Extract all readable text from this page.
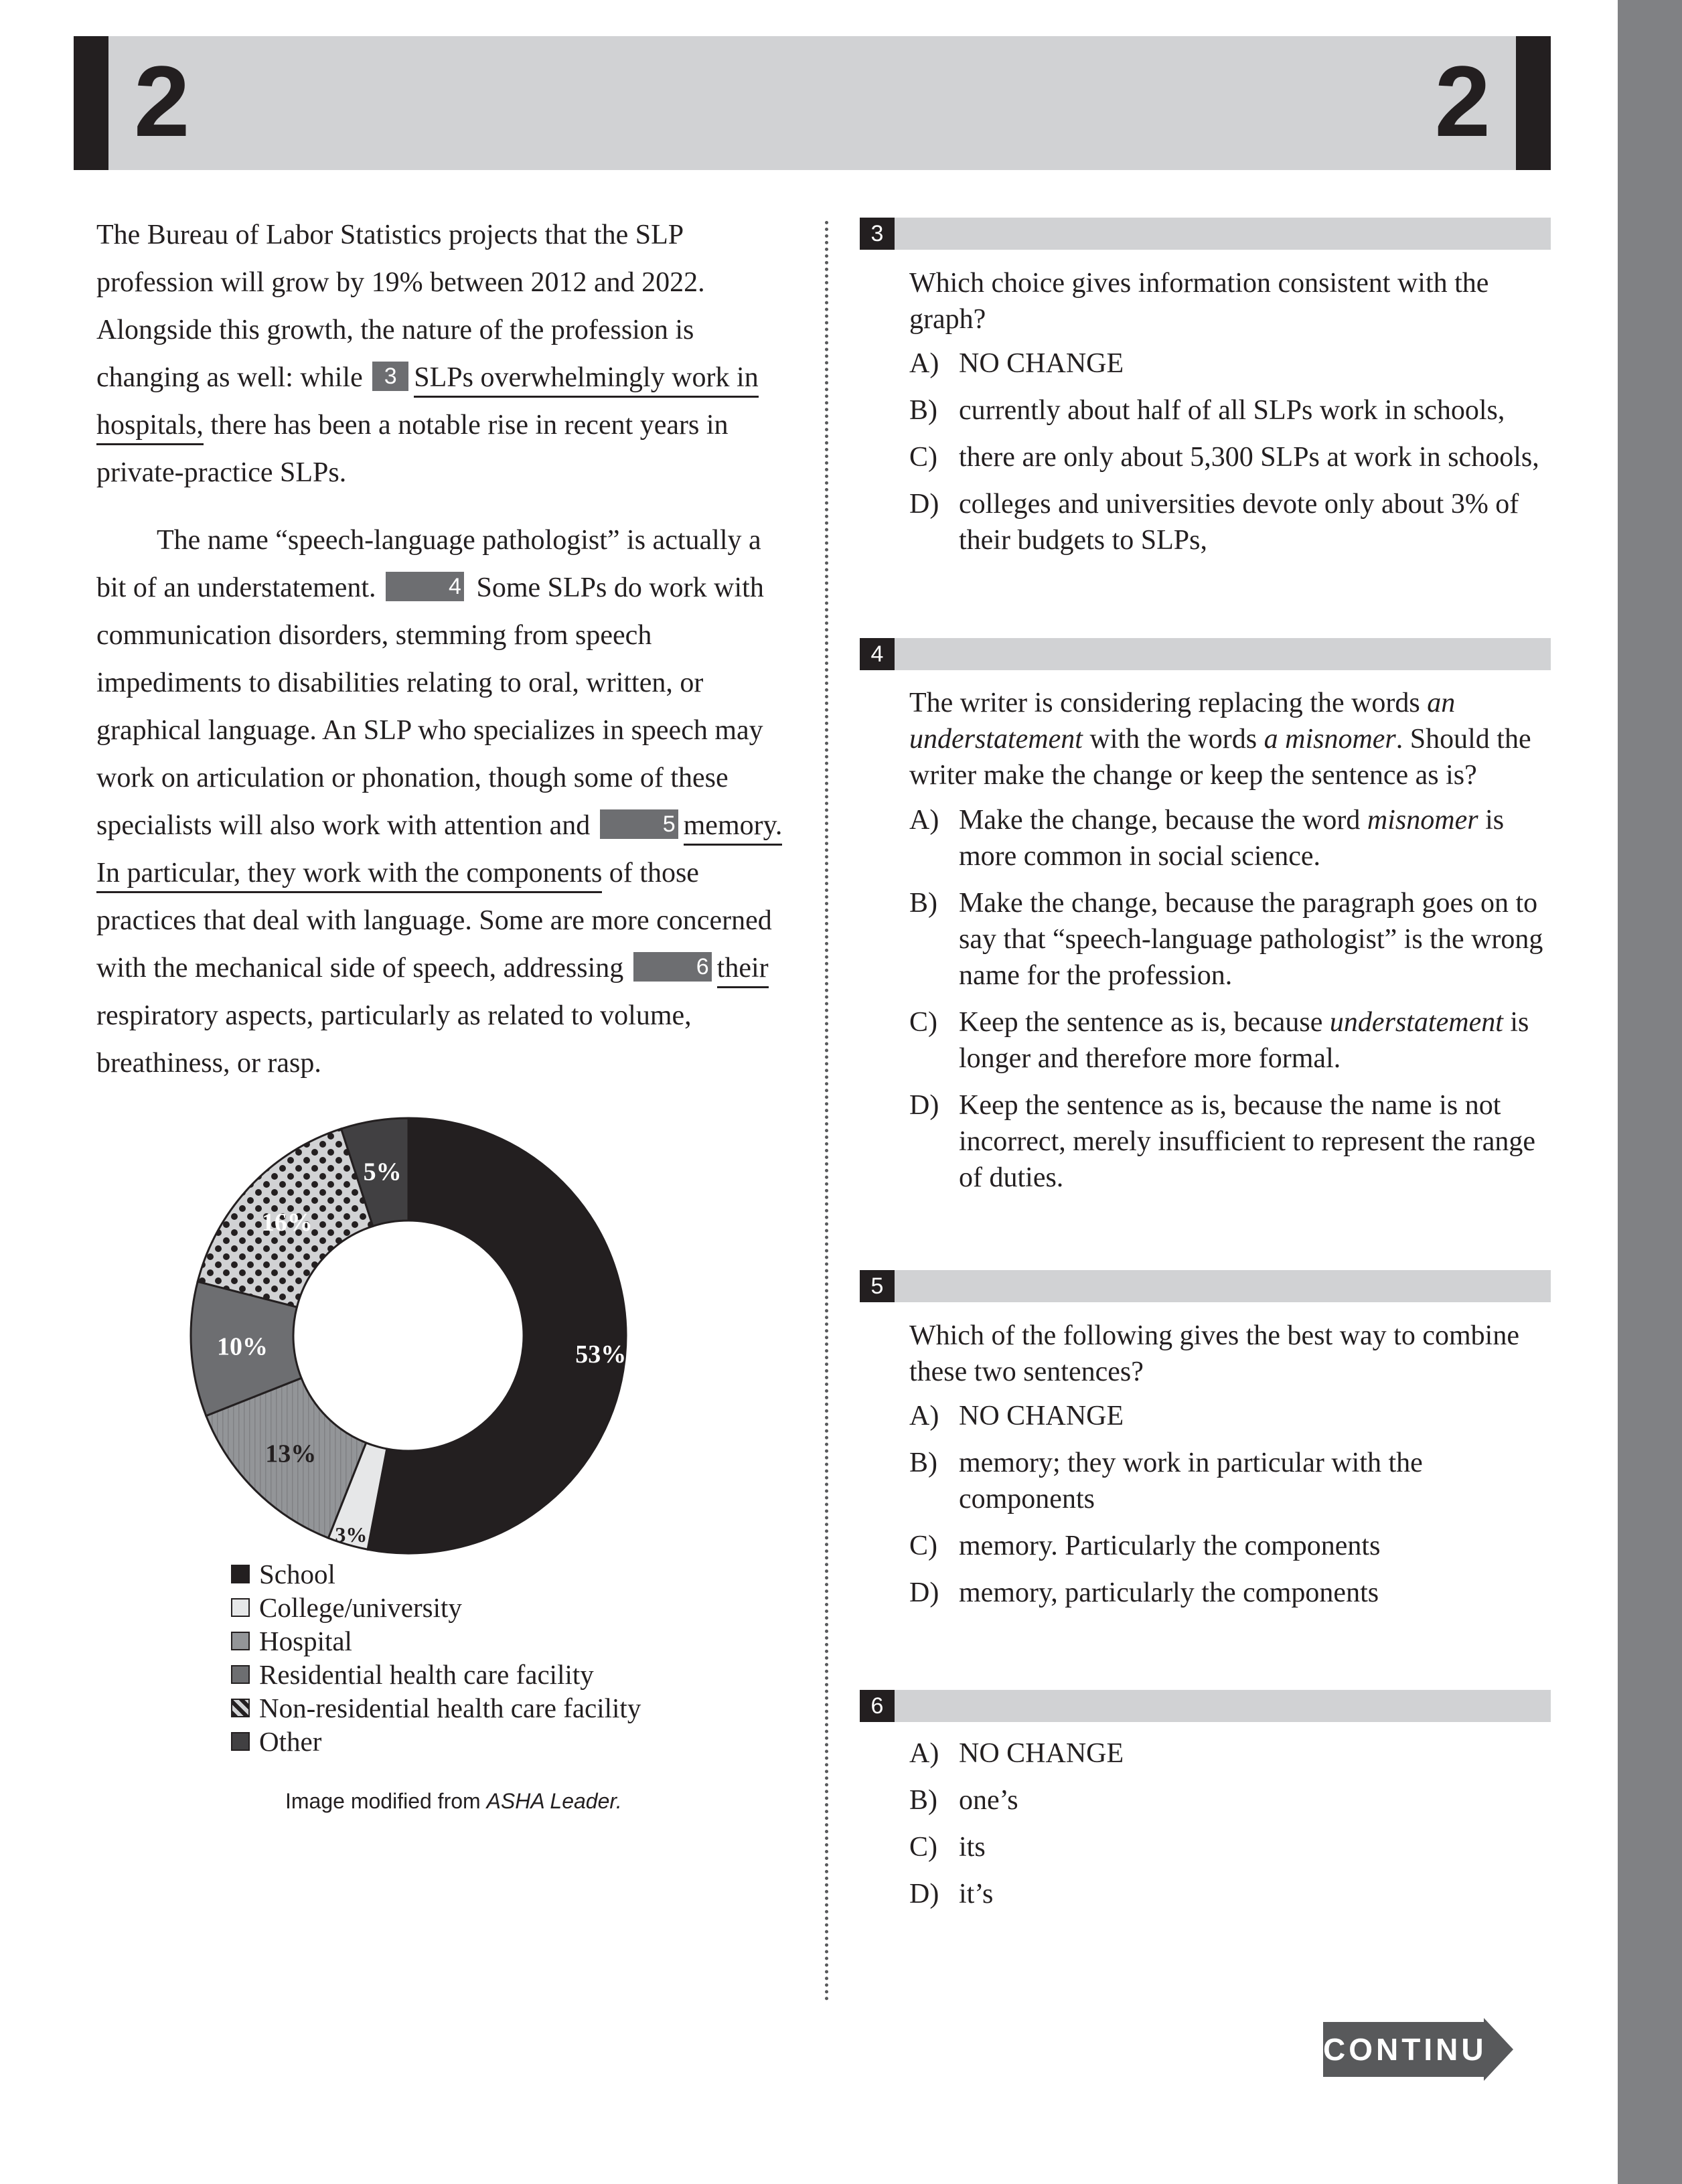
2	2

The Bureau of Labor Statistics projects that the SLP profession will grow by 19% between 2012 and 2022. Alongside this growth, the nature of the profession is changing as well: while 3 SLPs overwhelmingly work in hospitals, there has been a notable rise in recent years in private-practice SLPs.

The name “speech-language pathologist” is actually a bit of an understatement.	4 Some SLPs do work with communication disorders, stemming from speech impediments to disabilities relating to oral, written, or graphical language. An SLP who specializes in speech may work on articulation or phonation, though some of these specialists will also work with attention and	5 memory. In particular, they work with the components of those practices that deal with language. Some are more concerned with the mechanical side of speech, addressing	6 their respiratory aspects, particularly as related to volume, breathiness, or rasp.

53%
3%
13%
10%
16%
5%
School
College/university
Hospital
Residential health care facility
Non-residential health care facility
Other
Image modified from ASHA Leader.
3
Which choice gives information consistent with the graph?
A) NO CHANGE
B) currently about half of all SLPs work in schools,
C) there are only about 5,300 SLPs at work in schools,
D) colleges and universities devote only about 3% of their budgets to SLPs,
4
The writer is considering replacing the words an understatement with the words a misnomer. Should the writer make the change or keep the sentence as is?
A) Make the change, because the word misnomer is more common in social science.
B) Make the change, because the paragraph goes on to say that “speech-language pathologist” is the wrong name for the profession.
C) Keep the sentence as is, because understatement is longer and therefore more formal.
D) Keep the sentence as is, because the name is not incorrect, merely insufficient to represent the range of duties.
5
Which of the following gives the best way to combine these two sentences?
A) NO CHANGE
B) memory; they work in particular with the components
C) memory. Particularly the components
D) memory, particularly the components
6
A) NO CHANGE
B) one’s
C) its
D) it’s
CONTINUE
